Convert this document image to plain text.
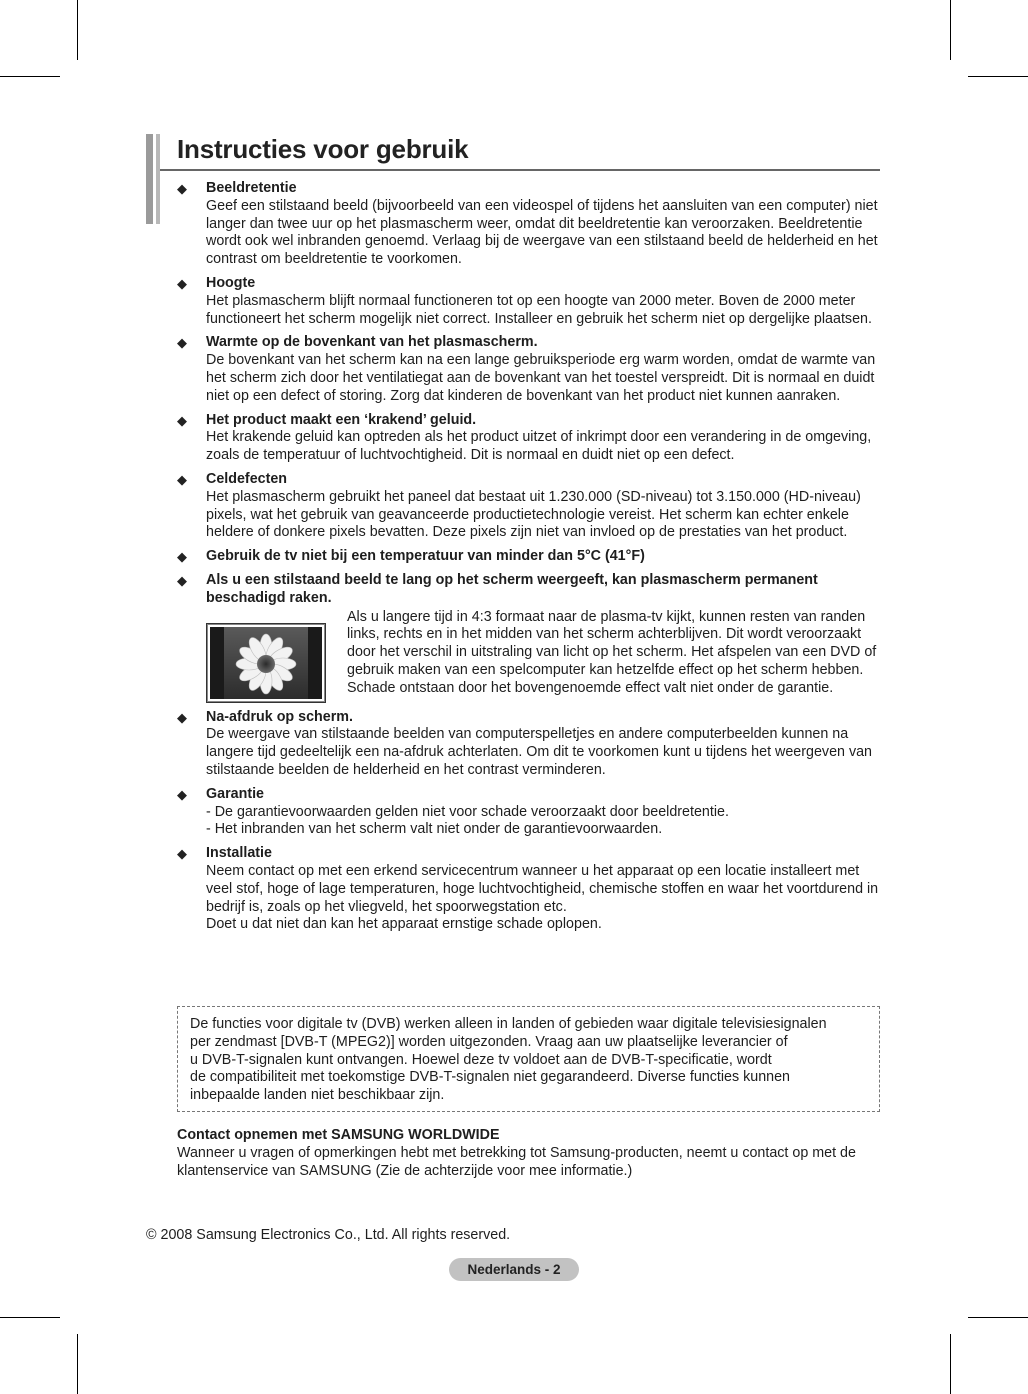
Instructies voor gebruik
◆ Beeldretentie
Geef een stilstaand beeld (bijvoorbeeld van een videospel of tijdens het aansluiten van een computer) niet langer dan twee uur op het plasmascherm weer, omdat dit beeldretentie kan veroorzaken. Beeldretentie wordt ook wel inbranden genoemd. Verlaag bij de weergave van een stilstaand beeld de helderheid en het contrast om beeldretentie te voorkomen.
◆ Hoogte
Het plasmascherm blijft normaal functioneren tot op een hoogte van 2000 meter. Boven de 2000 meter functioneert het scherm mogelijk niet correct. Installeer en gebruik het scherm niet op dergelijke plaatsen.
◆ Warmte op de bovenkant van het plasmascherm.
De bovenkant van het scherm kan na een lange gebruiksperiode erg warm worden, omdat de warmte van het scherm zich door het ventilatiegat aan de bovenkant van het toestel verspreidt. Dit is normaal en duidt niet op een defect of storing. Zorg dat kinderen de bovenkant van het product niet kunnen aanraken.
◆ Het product maakt een ‘krakend’ geluid.
Het krakende geluid kan optreden als het product uitzet of inkrimpt door een verandering in de omgeving, zoals de temperatuur of luchtvochtigheid. Dit is normaal en duidt niet op een defect.
◆ Celdefecten
Het plasmascherm gebruikt het paneel dat bestaat uit 1.230.000 (SD-niveau) tot 3.150.000 (HD-niveau) pixels, wat het gebruik van geavanceerde productietechnologie vereist. Het scherm kan echter enkele heldere of donkere pixels bevatten. Deze pixels zijn niet van invloed op de prestaties van het product.
◆ Gebruik de tv niet bij een temperatuur van minder dan 5°C (41°F)
◆ Als u een stilstaand beeld te lang op het scherm weergeeft, kan plasmascherm permanent beschadigd raken.
Als u langere tijd in 4:3 formaat naar de plasma-tv kijkt, kunnen resten van randen links, rechts en in het midden van het scherm achterblijven. Dit wordt veroorzaakt door het verschil in uitstraling van licht op het scherm. Het afspelen van een DVD of gebruik maken van een spelcomputer kan hetzelfde effect op het scherm hebben. Schade ontstaan door het bovengenoemde effect valt niet onder de garantie.
◆ Na-afdruk op scherm.
De weergave van stilstaande beelden van computerspelletjes en andere computerbeelden kunnen na langere tijd gedeeltelijk een na-afdruk achterlaten. Om dit te voorkomen kunt u tijdens het weergeven van stilstaande beelden de helderheid en het contrast verminderen.
◆ Garantie
- De garantievoorwaarden gelden niet voor schade veroorzaakt door beeldretentie.
- Het inbranden van het scherm valt niet onder de garantievoorwaarden.
◆ Installatie
Neem contact op met een erkend servicecentrum wanneer u het apparaat op een locatie installeert met veel stof, hoge of lage temperaturen, hoge luchtvochtigheid, chemische stoffen en waar het voortdurend in bedrijf is, zoals op het vliegveld, het spoorwegstation etc.
Doet u dat niet dan kan het apparaat ernstige schade oplopen.
De functies voor digitale tv (DVB) werken alleen in landen of gebieden waar digitale televisiesignalen
per zendmast [DVB-T (MPEG2)] worden uitgezonden. Vraag aan uw plaatselijke leverancier of
u DVB-T-signalen kunt ontvangen. Hoewel deze tv voldoet aan de DVB-T-specificatie, wordt
de compatibiliteit met toekomstige DVB-T-signalen niet gegarandeerd. Diverse functies kunnen
inbepaalde landen niet beschikbaar zijn.
Contact opnemen met SAMSUNG WORLDWIDE
Wanneer u vragen of opmerkingen hebt met betrekking tot Samsung-producten, neemt u contact op met de klantenservice van SAMSUNG (Zie de achterzijde voor mee informatie.)
© 2008 Samsung Electronics Co., Ltd. All rights reserved.
Nederlands - 2
